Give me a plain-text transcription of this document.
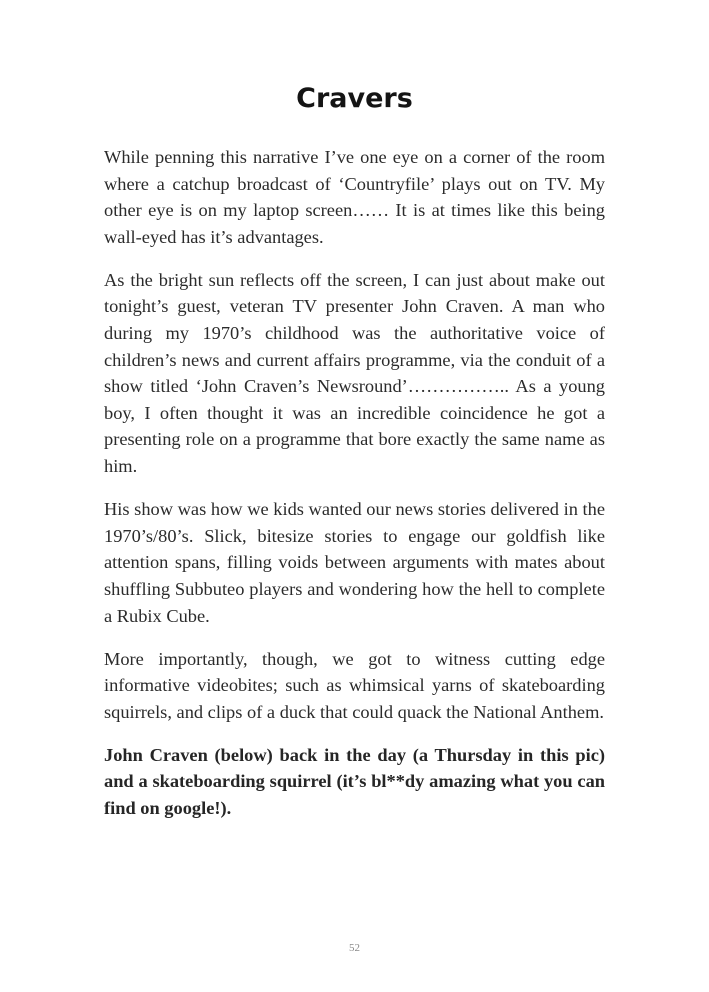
Cravers

While penning this narrative I’ve one eye on a corner of the room where a catchup broadcast of ‘Countryfile’ plays out on TV. My other eye is on my laptop screen…… It is at times like this being wall-eyed has it’s advantages.

As the bright sun reflects off the screen, I can just about make out tonight’s guest, veteran TV presenter John Craven. A man who during my 1970’s childhood was the authoritative voice of children’s news and current affairs programme, via the conduit of a show titled ‘John Craven’s Newsround’…………….. As a young boy, I often thought it was an incredible coincidence he got a presenting role on a programme that bore exactly the same name as him.

His show was how we kids wanted our news stories delivered in the 1970’s/80’s. Slick, bitesize stories to engage our goldfish like attention spans, filling voids between arguments with mates about shuffling Subbuteo players and wondering how the hell to complete a Rubix Cube.

More importantly, though, we got to witness cutting edge informative videobites; such as whimsical yarns of skateboarding squirrels, and clips of a duck that could quack the National Anthem.

John Craven (below) back in the day (a Thursday in this pic) and a skateboarding squirrel (it’s bl**dy amazing what you can find on google!).

52
